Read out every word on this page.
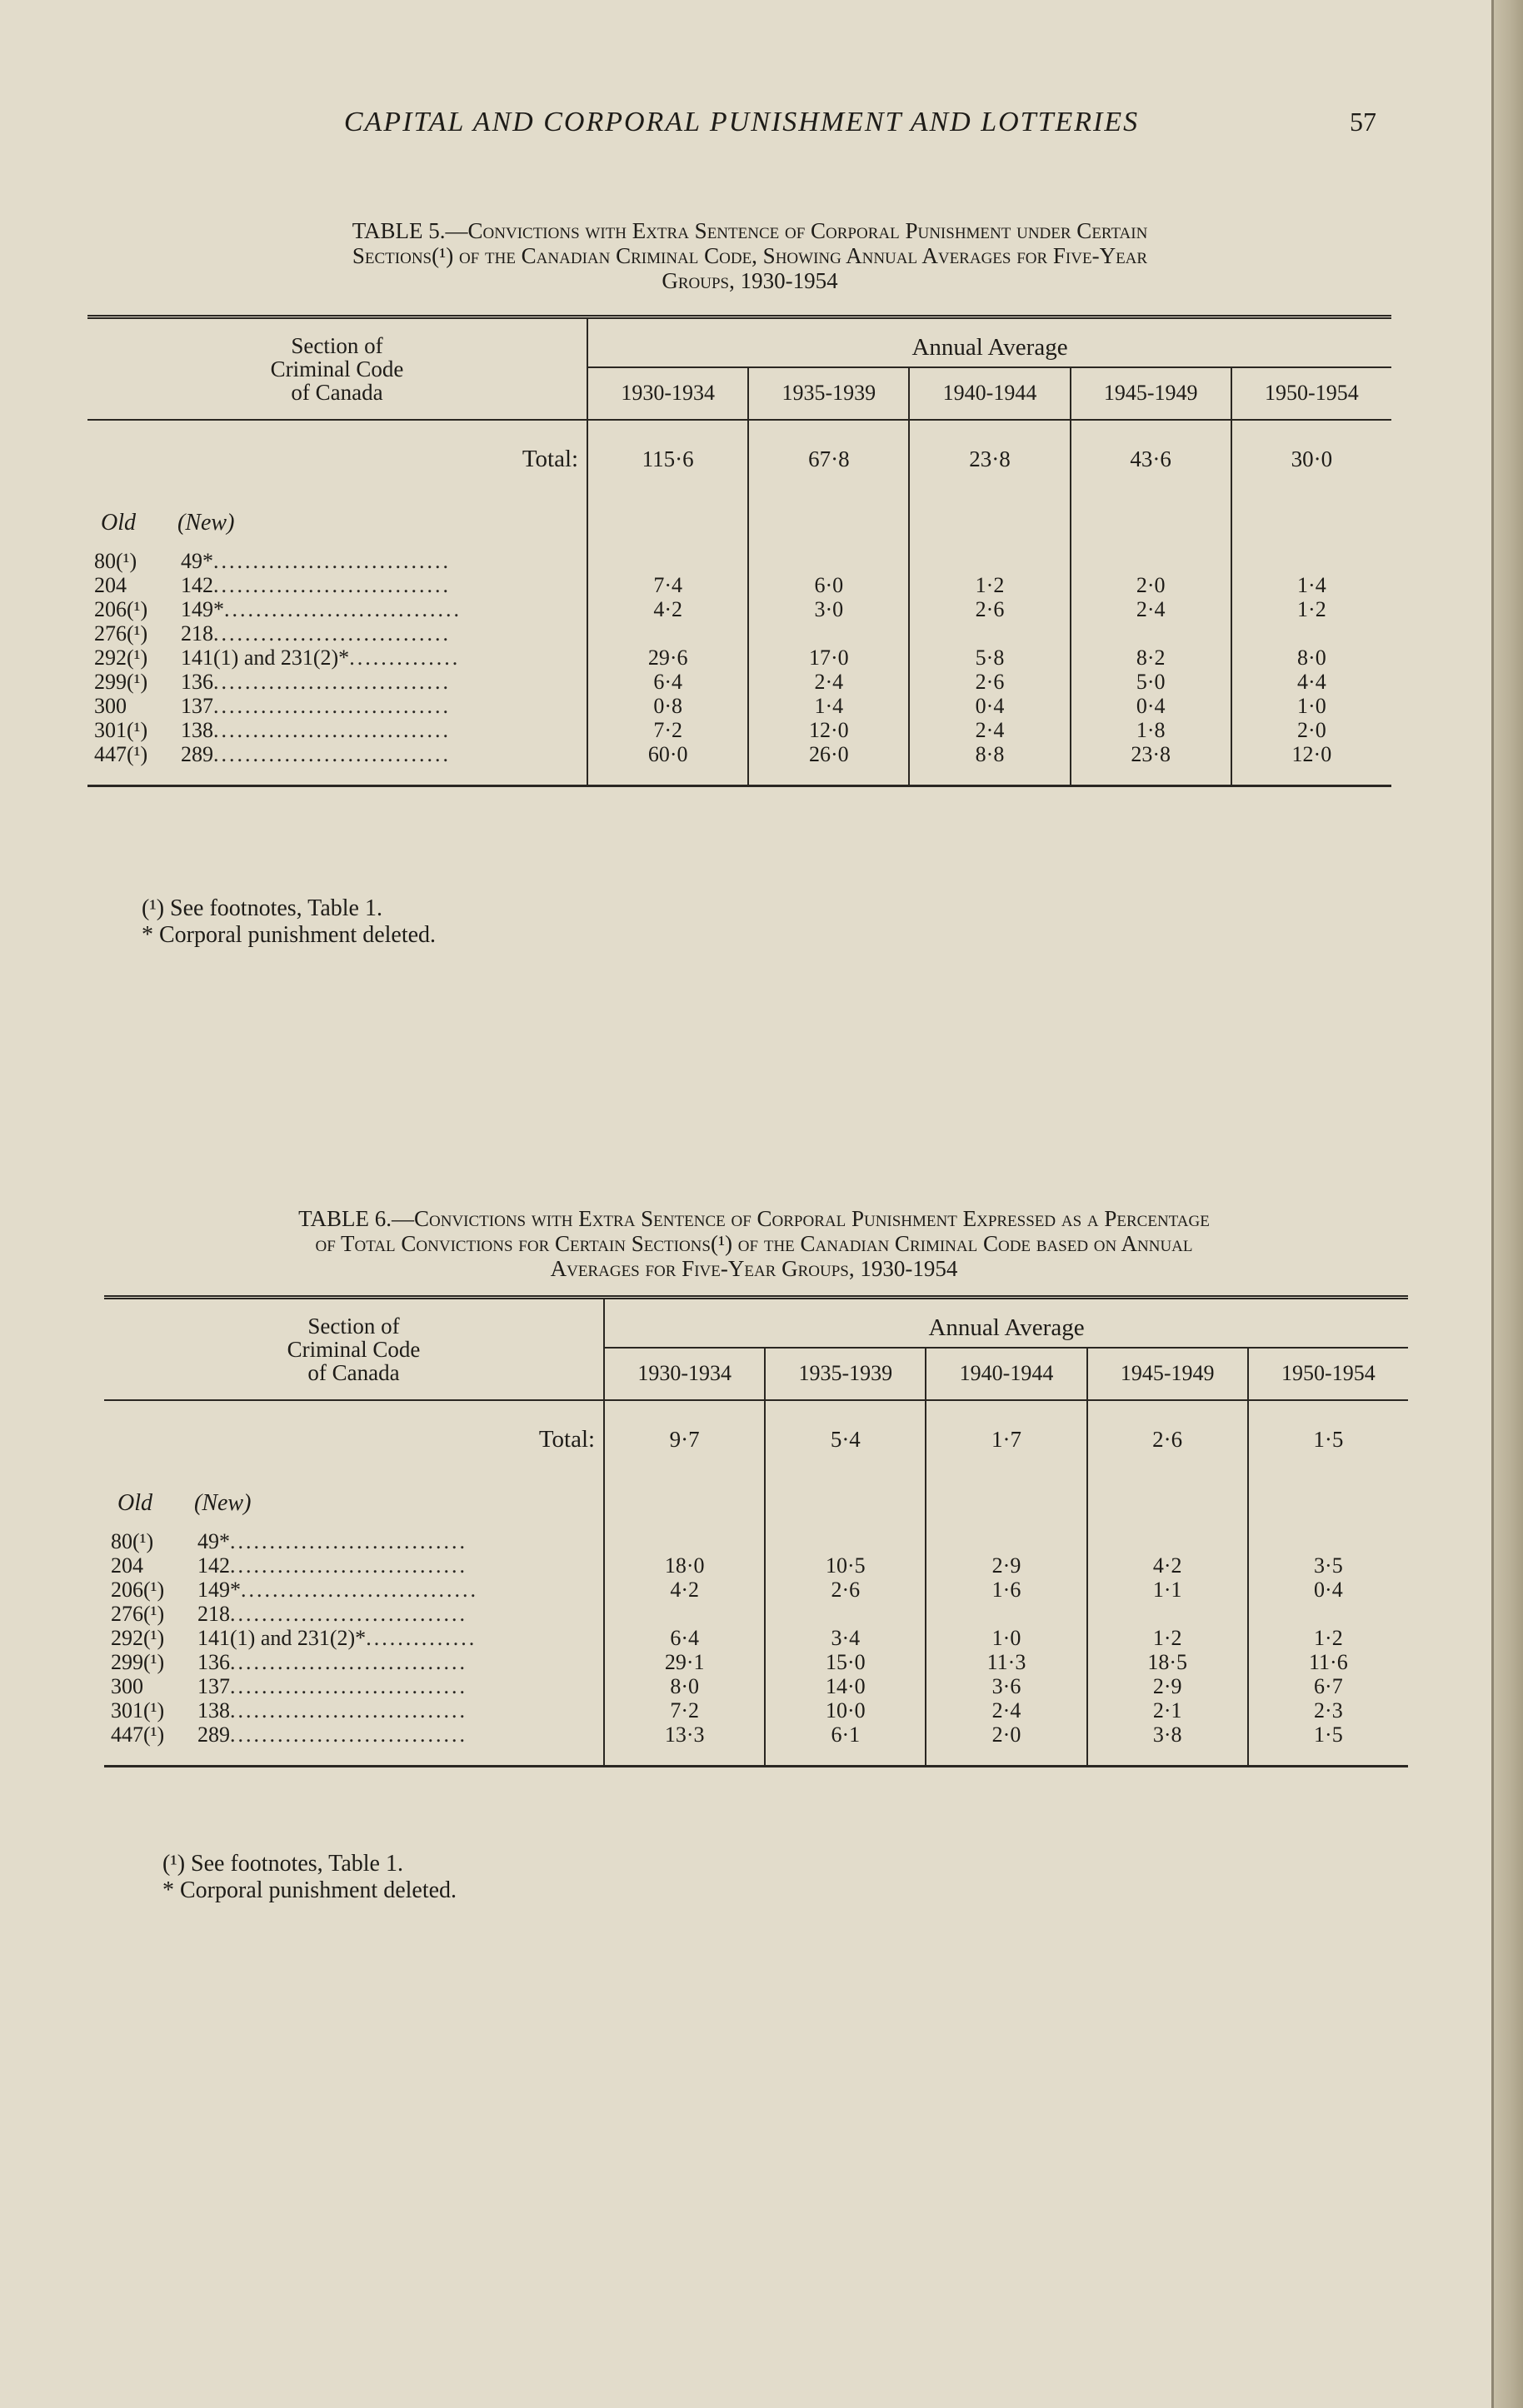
CAPITAL AND CORPORAL PUNISHMENT AND LOTTERIES	57
TABLE 5.—Convictions with Extra Sentence of Corporal Punishment under Certain
Sections(¹) of the Canadian Criminal Code, Showing Annual Averages for Five-Year
Groups, 1930-1954
Section of
Criminal Code
of Canada	Annual Average				
	1930-1934	1935-1939	1940-1944	1945-1949	1950-1954
Total:	115·6	67·8	23·8	43·6	30·0
Old (New)					
80(¹) 49*..............................					
204 142..............................	7·4	6·0	1·2	2·0	1·4
206(¹) 149*..............................	4·2	3·0	2·6	2·4	1·2
276(¹) 218..............................					
292(¹) 141(1) and 231(2)*..............	29·6	17·0	5·8	8·2	8·0
299(¹) 136..............................	6·4	2·4	2·6	5·0	4·4
300 137..............................	0·8	1·4	0·4	0·4	1·0
301(¹) 138..............................	7·2	12·0	2·4	1·8	2·0
447(¹) 289..............................	60·0	26·0	8·8	23·8	12·0

(¹) See footnotes, Table 1.
* Corporal punishment deleted.
TABLE 6.—Convictions with Extra Sentence of Corporal Punishment Expressed as a Percentage
of Total Convictions for Certain Sections(¹) of the Canadian Criminal Code based on Annual
Averages for Five-Year Groups, 1930-1954
Section of
Criminal Code
of Canada	Annual Average				
	1930-1934	1935-1939	1940-1944	1945-1949	1950-1954
Total:	9·7	5·4	1·7	2·6	1·5
Old (New)					
80(¹) 49*..............................					
204 142..............................	18·0	10·5	2·9	4·2	3·5
206(¹) 149*..............................	4·2	2·6	1·6	1·1	0·4
276(¹) 218..............................					
292(¹) 141(1) and 231(2)*..............	6·4	3·4	1·0	1·2	1·2
299(¹) 136..............................	29·1	15·0	11·3	18·5	11·6
300 137..............................	8·0	14·0	3·6	2·9	6·7
301(¹) 138..............................	7·2	10·0	2·4	2·1	2·3
447(¹) 289..............................	13·3	6·1	2·0	3·8	1·5

(¹) See footnotes, Table 1.
* Corporal punishment deleted.
